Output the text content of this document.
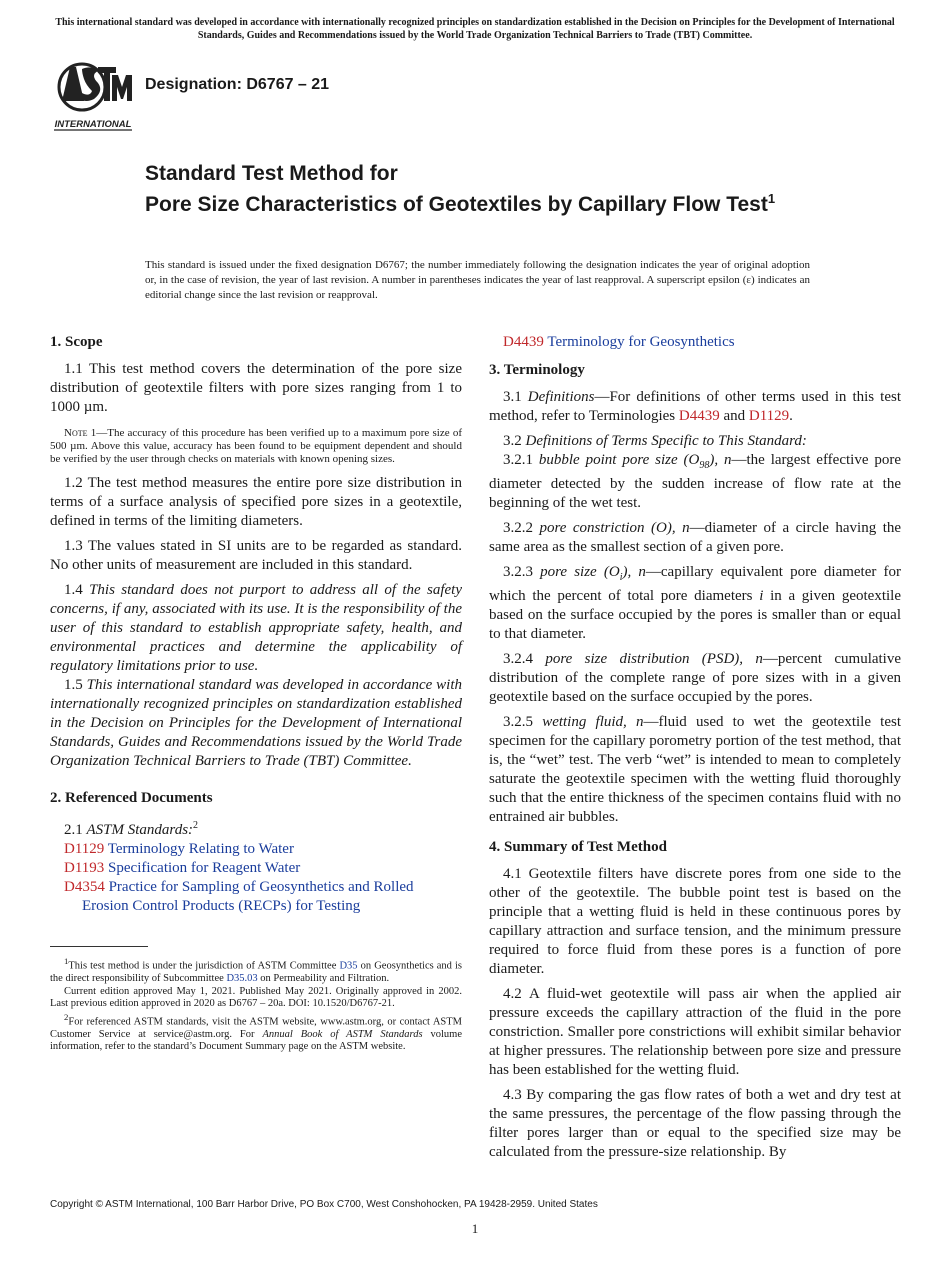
This international standard was developed in accordance with internationally recognized principles on standardization established in the Decision on Principles for the Development of International Standards, Guides and Recommendations issued by the World Trade Organization Technical Barriers to Trade (TBT) Committee.
INTERNATIONAL
Designation: D6767 – 21
Standard Test Method for
Pore Size Characteristics of Geotextiles by Capillary Flow Test$^1$
This standard is issued under the fixed designation D6767; the number immediately following the designation indicates the year of original adoption or, in the case of revision, the year of last revision. A number in parentheses indicates the year of last reapproval. A superscript epsilon (ε) indicates an editorial change since the last revision or reapproval.
1. Scope

1.1 This test method covers the determination of the pore size distribution of geotextile filters with pore sizes ranging from 1 to 1000 µm.

Note 1—The accuracy of this procedure has been verified up to a maximum pore size of 500 µm. Above this value, accuracy has been found to be equipment dependent and should be verified by the user through checks on materials with known opening sizes.

1.2 The test method measures the entire pore size distribution in terms of a surface analysis of specified pore sizes in a geotextile, defined in terms of the limiting diameters.

1.3 The values stated in SI units are to be regarded as standard. No other units of measurement are included in this standard.

1.4 This standard does not purport to address all of the safety concerns, if any, associated with its use. It is the responsibility of the user of this standard to establish appropriate safety, health, and environmental practices and determine the applicability of regulatory limitations prior to use.

1.5 This international standard was developed in accordance with internationally recognized principles on standardization established in the Decision on Principles for the Development of International Standards, Guides and Recommendations issued by the World Trade Organization Technical Barriers to Trade (TBT) Committee.

2. Referenced Documents

2.1 ASTM Standards:$^2$

D1129 Terminology Relating to Water

D1193 Specification for Reagent Water

D4354 Practice for Sampling of Geosynthetics and Rolled Erosion Control Products (RECPs) for Testing

$^1$This test method is under the jurisdiction of ASTM Committee D35 on Geosynthetics and is the direct responsibility of Subcommittee D35.03 on Permeability and Filtration.

Current edition approved May 1, 2021. Published May 2021. Originally approved in 2002. Last previous edition approved in 2020 as D6767 – 20a. DOI: 10.1520/D6767-21.

$^2$For referenced ASTM standards, visit the ASTM website, www.astm.org, or contact ASTM Customer Service at service@astm.org. For Annual Book of ASTM Standards volume information, refer to the standard’s Document Summary page on the ASTM website.

D4439 Terminology for Geosynthetics

3. Terminology

3.1 Definitions—For definitions of other terms used in this test method, refer to Terminologies D4439 and D1129.

3.2 Definitions of Terms Specific to This Standard:

3.2.1 bubble point pore size $(O_{98})$, n—the largest effective pore diameter detected by the sudden increase of flow rate at the beginning of the wet test.

3.2.2 pore constriction (O), n—diameter of a circle having the same area as the smallest section of a given pore.

3.2.3 pore size $(O_i)$, n—capillary equivalent pore diameter for which the percent of total pore diameters i in a given geotextile based on the surface occupied by the pores is smaller than or equal to that diameter.

3.2.4 pore size distribution (PSD), n—percent cumulative distribution of the complete range of pore sizes with in a given geotextile based on the surface occupied by the pores.

3.2.5 wetting fluid, n—fluid used to wet the geotextile test specimen for the capillary porometry portion of the test method, that is, the “wet” test. The verb “wet” is intended to mean to completely saturate the geotextile specimen with the wetting fluid thoroughly such that the entire thickness of the specimen contains fluid with no entrained air bubbles.

4. Summary of Test Method

4.1 Geotextile filters have discrete pores from one side to the other of the geotextile. The bubble point test is based on the principle that a wetting fluid is held in these continuous pores by capillary attraction and surface tension, and the minimum pressure required to force fluid from these pores is a function of pore diameter.

4.2 A fluid-wet geotextile will pass air when the applied air pressure exceeds the capillary attraction of the fluid in the pore constriction. Smaller pore constrictions will exhibit similar behavior at higher pressures. The relationship between pore size and pressure has been established for the wetting fluid.

4.3 By comparing the gas flow rates of both a wet and dry test at the same pressures, the percentage of the flow passing through the filter pores larger than or equal to the specified size may be calculated from the pressure-size relationship. By

Copyright © ASTM International, 100 Barr Harbor Drive, PO Box C700, West Conshohocken, PA 19428-2959. United States
1
